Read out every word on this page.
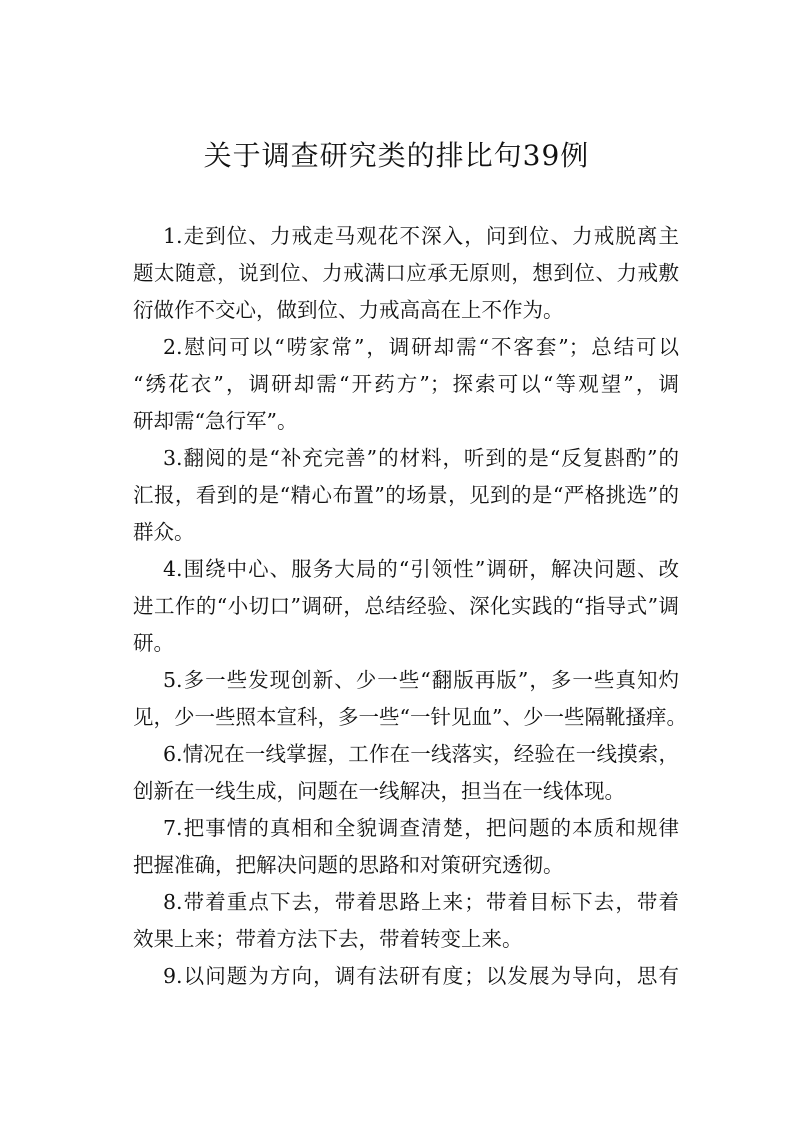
关于调查研究类的排比句39例
1.走到位、力戒走马观花不深入，问到位、力戒脱离主
题太随意，说到位、力戒满口应承无原则，想到位、力戒敷
衍做作不交心，做到位、力戒高高在上不作为。
2.慰问可以“唠家常”，调研却需“不客套”；总结可以
“绣花衣”，调研却需“开药方”；探索可以“等观望”，调
研却需“急行军”。
3.翻阅的是“补充完善”的材料，听到的是“反复斟酌”的
汇报，看到的是“精心布置”的场景，见到的是“严格挑选”的
群众。
4.围绕中心、服务大局的“引领性”调研，解决问题、改
进工作的“小切口”调研，总结经验、深化实践的“指导式”调
研。
5.多一些发现创新、少一些“翻版再版”，多一些真知灼
见，少一些照本宣科，多一些“一针见血”、少一些隔靴搔痒。
6.情况在一线掌握，工作在一线落实，经验在一线摸索，
创新在一线生成，问题在一线解决，担当在一线体现。
7.把事情的真相和全貌调查清楚，把问题的本质和规律
把握准确，把解决问题的思路和对策研究透彻。
8.带着重点下去，带着思路上来；带着目标下去，带着
效果上来；带着方法下去，带着转变上来。
9.以问题为方向，调有法研有度；以发展为导向，思有
